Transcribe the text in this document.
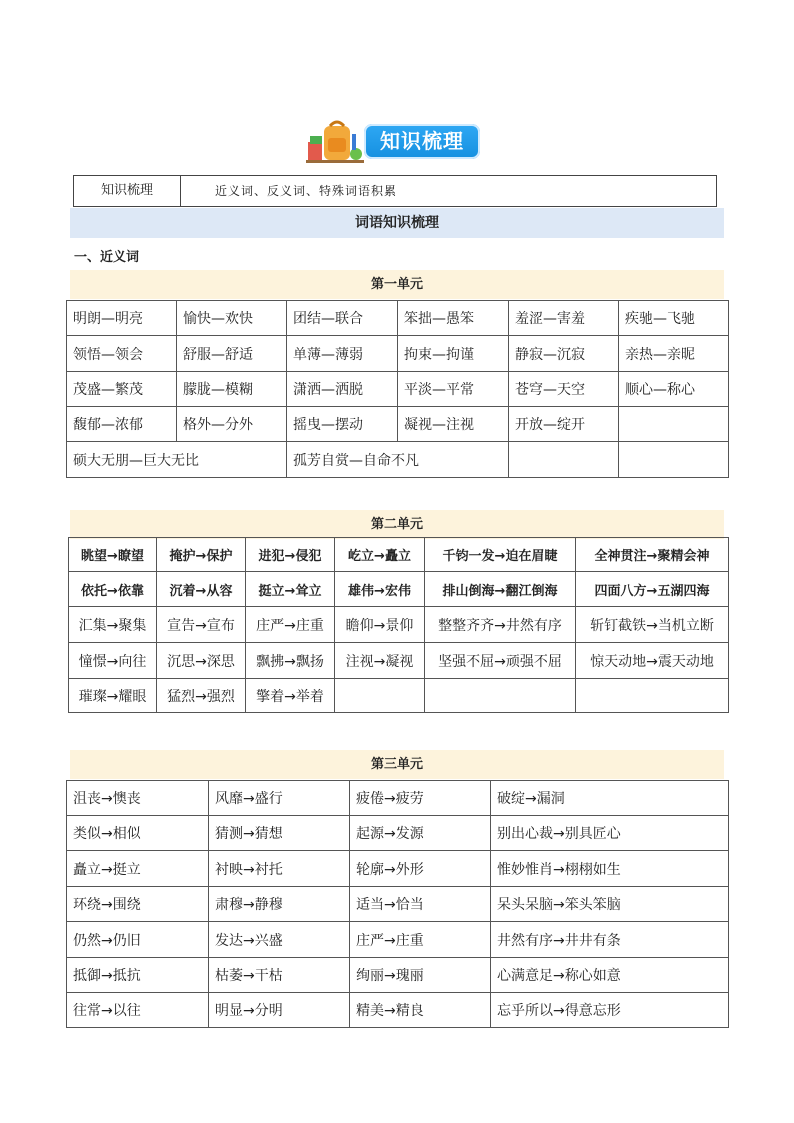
知识梳理
知识梳理	近义词、反义词、特殊词语积累
词语知识梳理
一、近义词
第一单元
明朗—明亮	愉快—欢快	团结—联合	笨拙—愚笨	羞涩—害羞	疾驰—飞驰
领悟—领会	舒服—舒适	单薄—薄弱	拘束—拘谨	静寂—沉寂	亲热—亲昵
茂盛—繁茂	朦胧—模糊	潇洒—洒脱	平淡—平常	苍穹—天空	顺心—称心
馥郁—浓郁	格外—分外	摇曳—摆动	凝视—注视	开放—绽开	
硕大无朋—巨大无比		孤芳自赏—自命不凡			
第二单元
眺望→瞭望	掩护→保护	进犯→侵犯	屹立→矗立	千钧一发→迫在眉睫	全神贯注→聚精会神
依托→依靠	沉着→从容	挺立→耸立	雄伟→宏伟	排山倒海→翻江倒海	四面八方→五湖四海
汇集→聚集	宣告→宣布	庄严→庄重	瞻仰→景仰	整整齐齐→井然有序	斩钉截铁→当机立断
憧憬→向往	沉思→深思	飘拂→飘扬	注视→凝视	坚强不屈→顽强不屈	惊天动地→震天动地
璀璨→耀眼	猛烈→强烈	擎着→举着			
第三单元
沮丧→懊丧	风靡→盛行	疲倦→疲劳	破绽→漏洞
类似→相似	猜测→猜想	起源→发源	别出心裁→别具匠心
矗立→挺立	衬映→衬托	轮廓→外形	惟妙惟肖→栩栩如生
环绕→围绕	肃穆→静穆	适当→恰当	呆头呆脑→笨头笨脑
仍然→仍旧	发达→兴盛	庄严→庄重	井然有序→井井有条
抵御→抵抗	枯萎→干枯	绚丽→瑰丽	心满意足→称心如意
往常→以往	明显→分明	精美→精良	忘乎所以→得意忘形
